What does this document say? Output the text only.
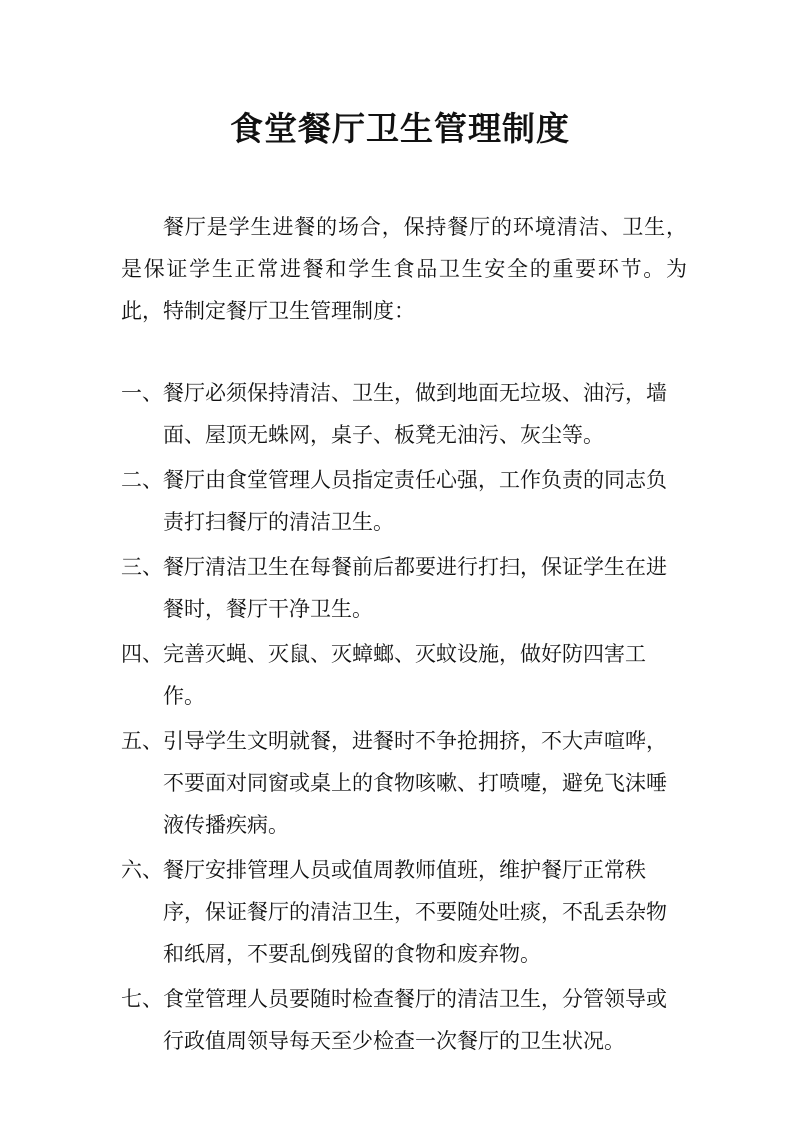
食堂餐厅卫生管理制度
餐厅是学生进餐的场合，保持餐厅的环境清洁、卫生，是保证学生正常进餐和学生食品卫生安全的重要环节。为此，特制定餐厅卫生管理制度：
一、 餐厅必须保持清洁、卫生，做到地面无垃圾、油污，墙面、屋顶无蛛网，桌子、板凳无油污、灰尘等。
二、 餐厅由食堂管理人员指定责任心强，工作负责的同志负责打扫餐厅的清洁卫生。
三、 餐厅清洁卫生在每餐前后都要进行打扫，保证学生在进餐时，餐厅干净卫生。
四、 完善灭蝇、灭鼠、灭蟑螂、灭蚊设施，做好防四害工作。
五、 引导学生文明就餐，进餐时不争抢拥挤，不大声喧哗，不要面对同窗或桌上的食物咳嗽、打喷嚏，避免飞沫唾液传播疾病。
六、 餐厅安排管理人员或值周教师值班，维护餐厅正常秩序，保证餐厅的清洁卫生，不要随处吐痰，不乱丢杂物和纸屑，不要乱倒残留的食物和废弃物。
七、 食堂管理人员要随时检查餐厅的清洁卫生，分管领导或行政值周领导每天至少检查一次餐厅的卫生状况。
